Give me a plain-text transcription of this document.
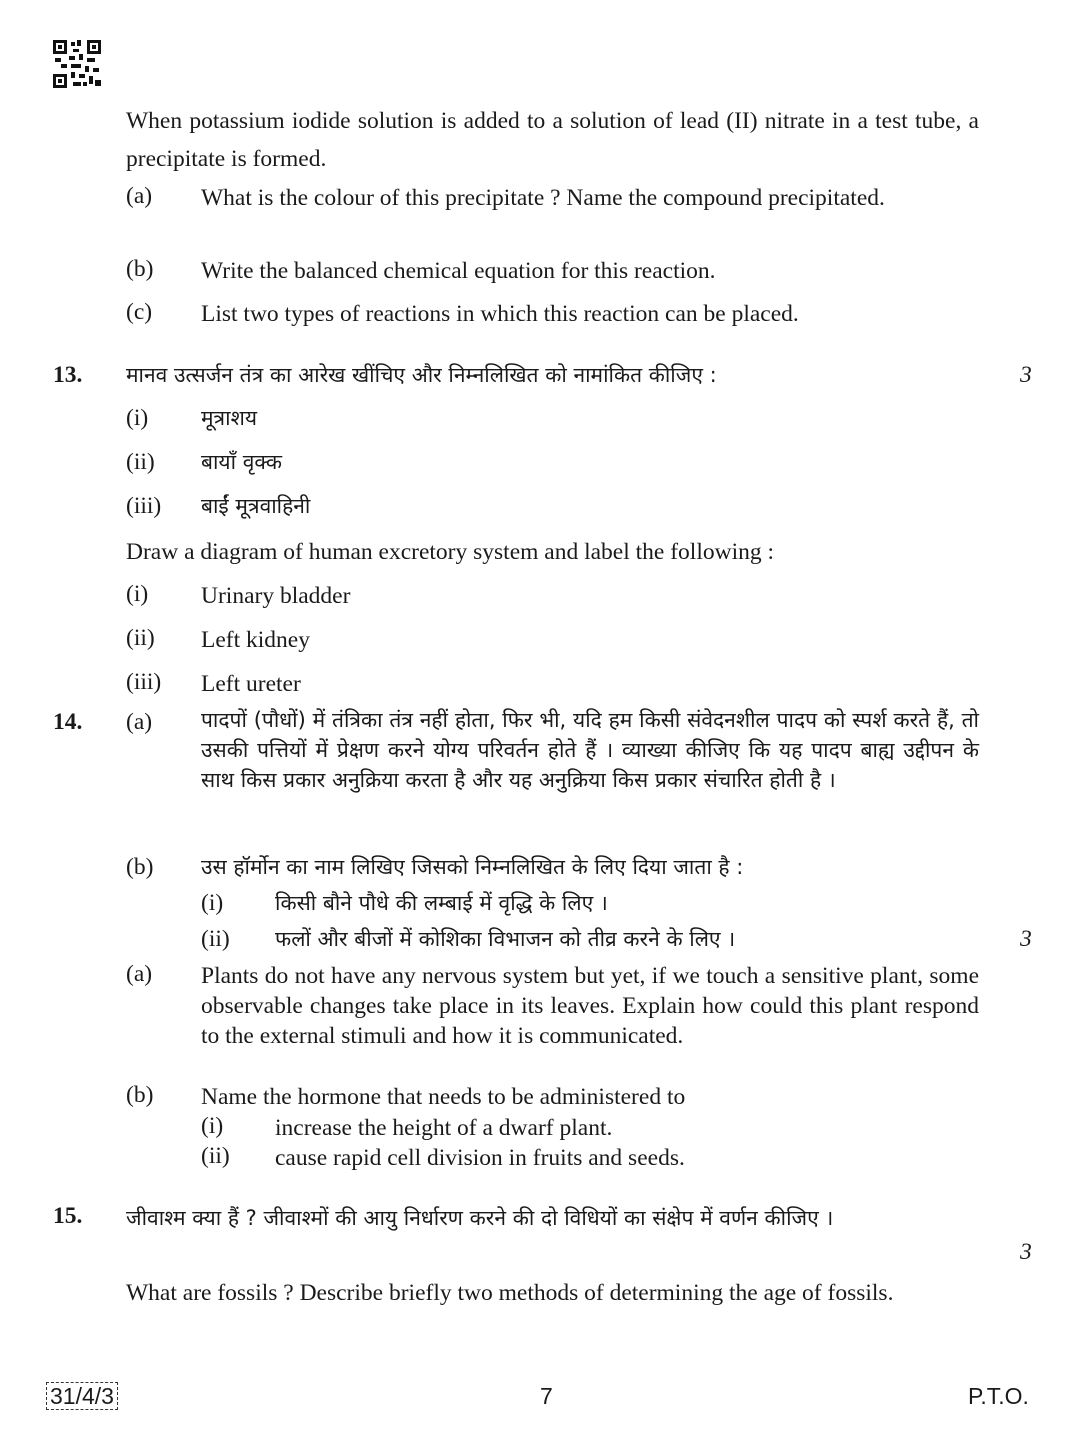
When potassium iodide solution is added to a solution of lead (II) nitrate in a test tube, a precipitate is formed.
(a) What is the colour of this precipitate ? Name the compound precipitated.
(b) Write the balanced chemical equation for this reaction.
(c) List two types of reactions in which this reaction can be placed.
13. मानव उत्सर्जन तंत्र का आरेख खींचिए और निम्नलिखित को नामांकित कीजिए :	3
(i)	मूत्राशय
(ii) बायाँ वृक्क
(iii) बाईं मूत्रवाहिनी
Draw a diagram of human excretory system and label the following :
(i) Urinary bladder
(ii) Left kidney
(iii) Left ureter
14. (a) पादपों (पौधों) में तंत्रिका तंत्र नहीं होता, फिर भी, यदि हम किसी संवेदनशील पादप को स्पर्श करते हैं, तो उसकी पत्तियों में प्रेक्षण करने योग्य परिवर्तन होते हैं । व्याख्या कीजिए कि यह पादप बाह्य उद्दीपन के साथ किस प्रकार अनुक्रिया करता है और यह अनुक्रिया किस प्रकार संचारित होती है ।
(b) उस हॉर्मोन का नाम लिखिए जिसको निम्नलिखित के लिए दिया जाता है :
(i) किसी बौने पौधे की लम्बाई में वृद्धि के लिए ।
(ii) फलों और बीजों में कोशिका विभाजन को तीव्र करने के लिए ।	3
(a) Plants do not have any nervous system but yet, if we touch a sensitive plant, some observable changes take place in its leaves. Explain how could this plant respond to the external stimuli and how it is communicated.
(b) Name the hormone that needs to be administered to
(i) increase the height of a dwarf plant.
(ii) cause rapid cell division in fruits and seeds.
15. जीवाश्म क्या हैं ? जीवाश्मों की आयु निर्धारण करने की दो विधियों का संक्षेप में वर्णन कीजिए ।
3
What are fossils ? Describe briefly two methods of determining the age of fossils.
31/4/3	7	P.T.O.
